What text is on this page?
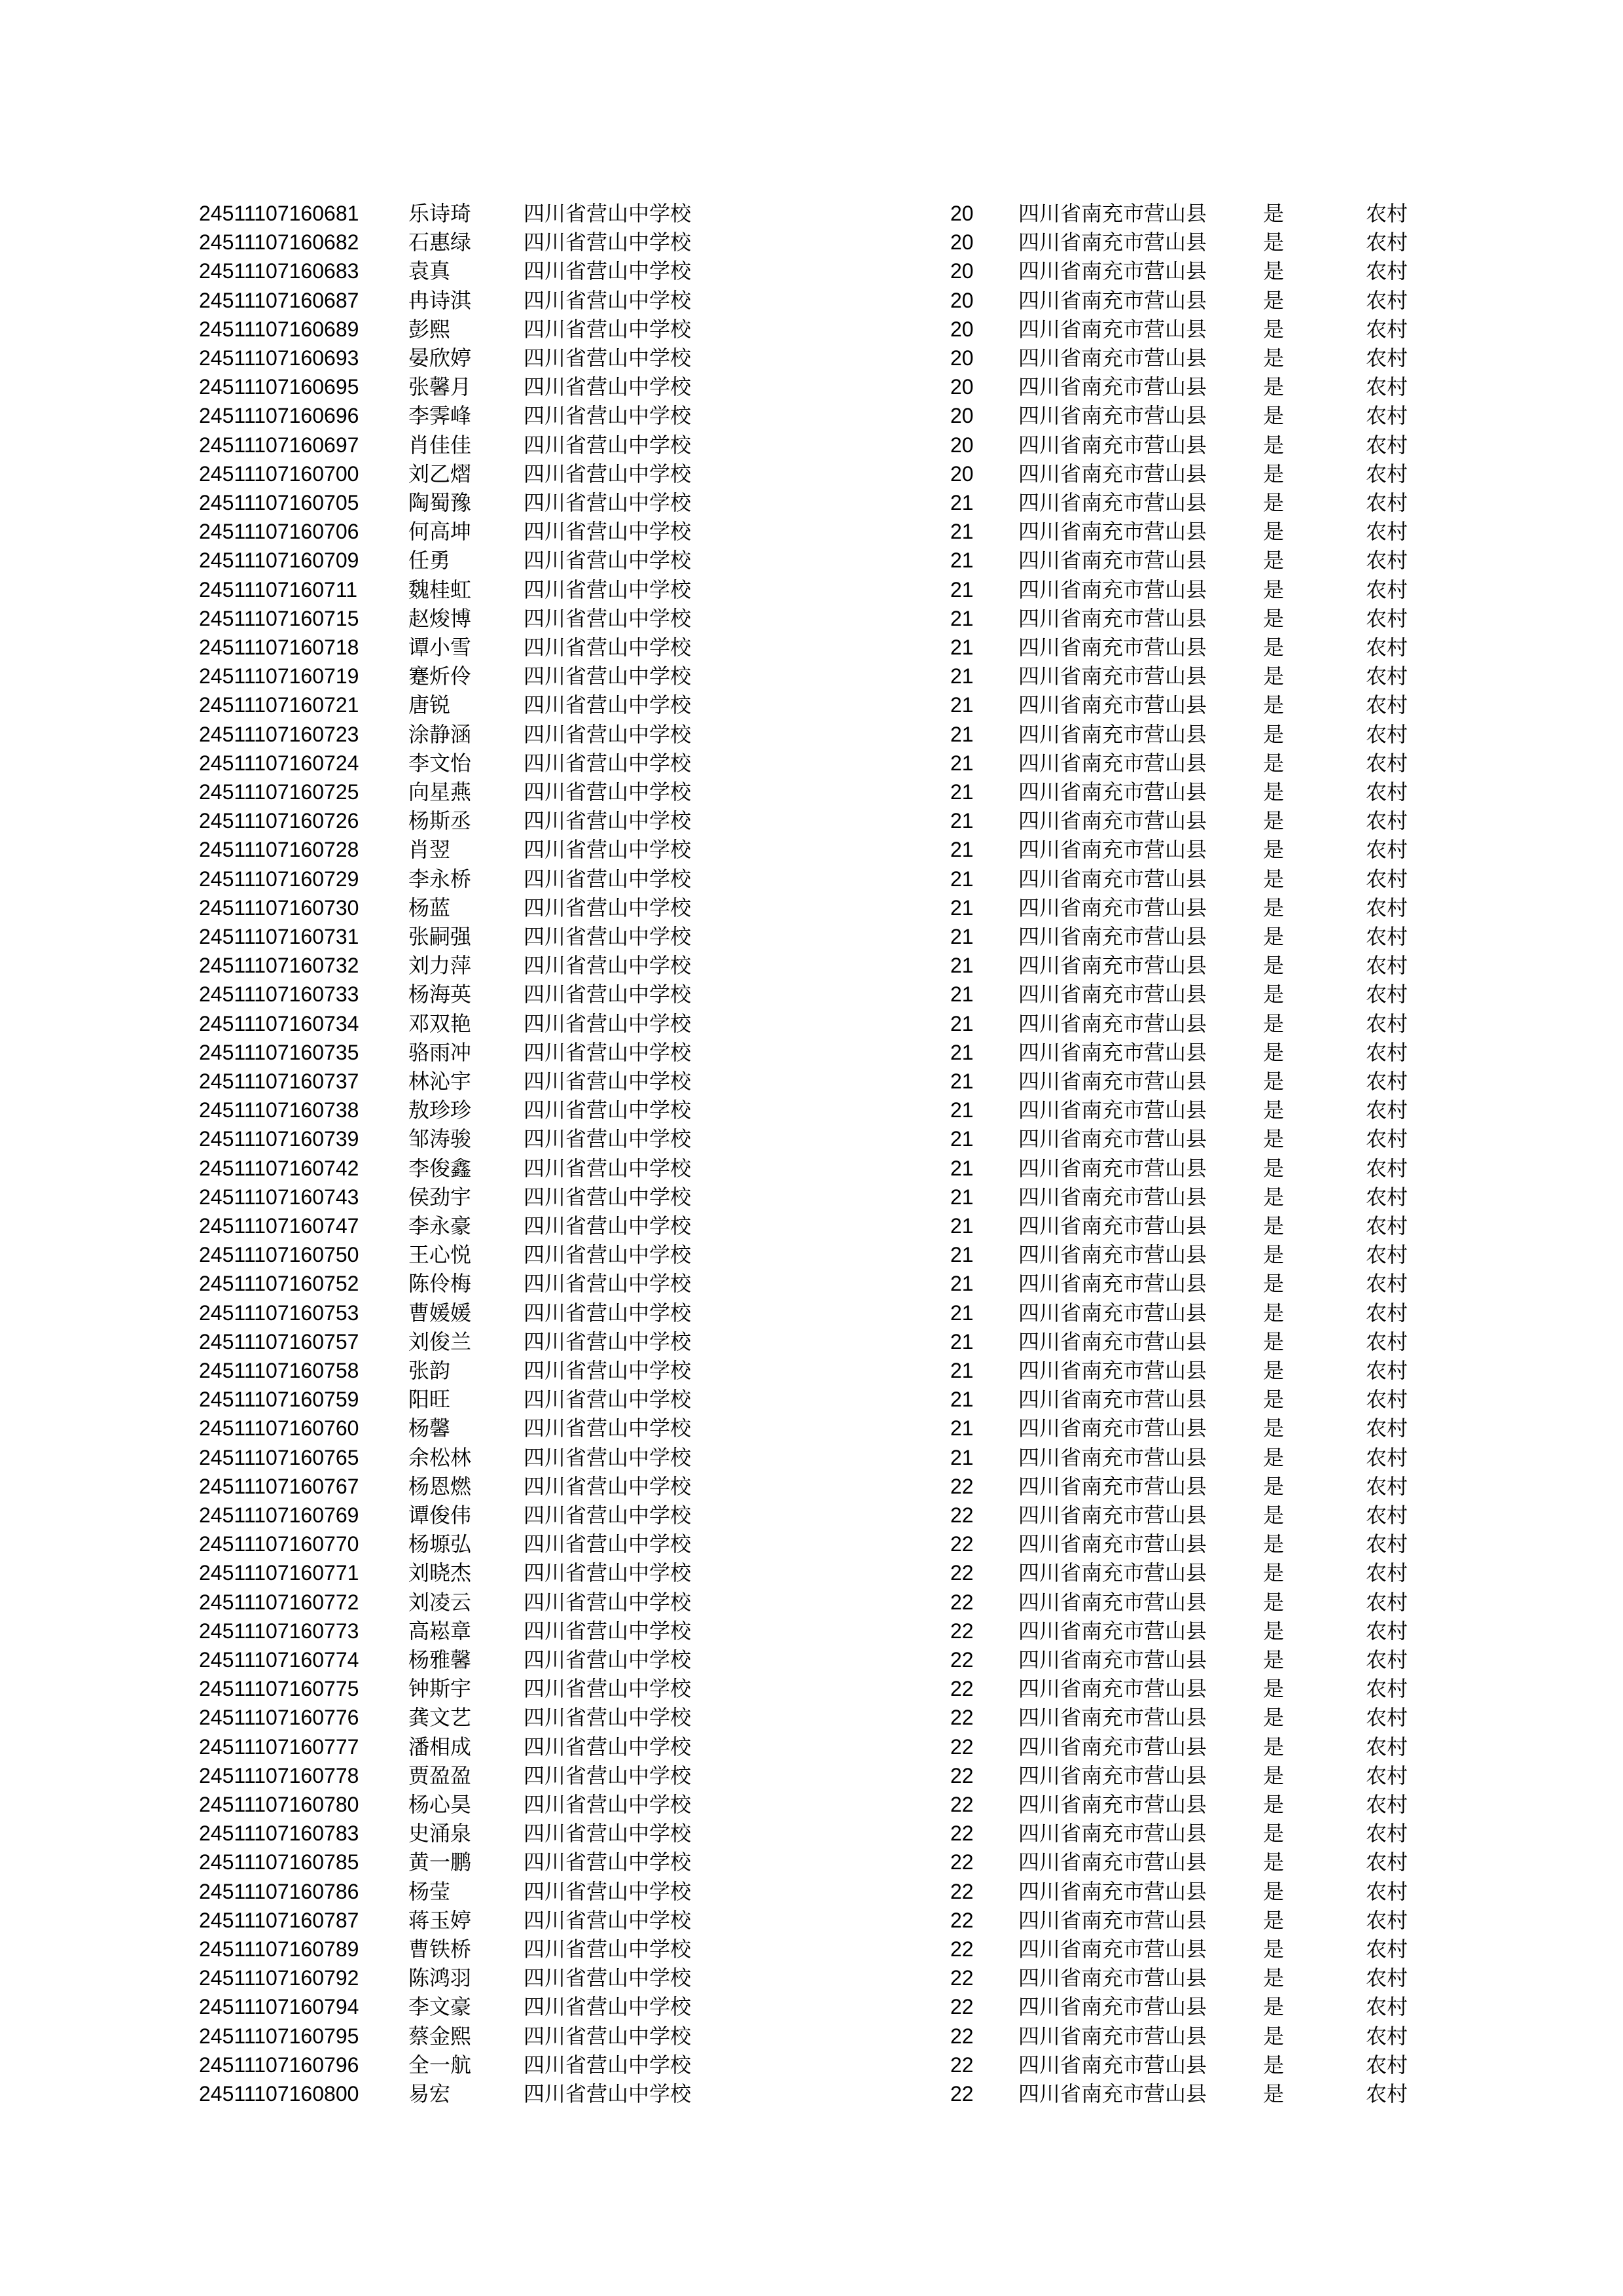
24511107160681 乐诗琦 四川省营山中学校	20 四川省南充市营山县	是	农村
24511107160682 石惠绿 四川省营山中学校	20 四川省南充市营山县	是	农村
24511107160683 袁真	四川省营山中学校	20 四川省南充市营山县	是	农村
24511107160687 冉诗淇 四川省营山中学校	20 四川省南充市营山县	是	农村
24511107160689 彭熙	四川省营山中学校	20 四川省南充市营山县	是	农村
24511107160693 晏欣婷 四川省营山中学校	20 四川省南充市营山县	是	农村
24511107160695 张馨月 四川省营山中学校	20 四川省南充市营山县	是	农村
24511107160696 李霁峰 四川省营山中学校	20 四川省南充市营山县	是	农村
24511107160697 肖佳佳 四川省营山中学校	20 四川省南充市营山县	是	农村
24511107160700 刘乙熠 四川省营山中学校	20 四川省南充市营山县	是	农村
24511107160705 陶蜀豫 四川省营山中学校	21 四川省南充市营山县	是	农村
24511107160706 何高坤 四川省营山中学校	21 四川省南充市营山县	是	农村
24511107160709 任勇	四川省营山中学校	21 四川省南充市营山县	是	农村
24511107160711 魏桂虹 四川省营山中学校	21 四川省南充市营山县	是	农村
24511107160715 赵焌博 四川省营山中学校	21 四川省南充市营山县	是	农村
24511107160718 谭小雪 四川省营山中学校	21 四川省南充市营山县	是	农村
24511107160719 蹇炘伶 四川省营山中学校	21 四川省南充市营山县	是	农村
24511107160721 唐锐	四川省营山中学校	21 四川省南充市营山县	是	农村
24511107160723 涂静涵 四川省营山中学校	21 四川省南充市营山县	是	农村
24511107160724 李文怡 四川省营山中学校	21 四川省南充市营山县	是	农村
24511107160725 向星燕 四川省营山中学校	21 四川省南充市营山县	是	农村
24511107160726 杨斯丞 四川省营山中学校	21 四川省南充市营山县	是	农村
24511107160728 肖翌	四川省营山中学校	21 四川省南充市营山县	是	农村
24511107160729 李永桥 四川省营山中学校	21 四川省南充市营山县	是	农村
24511107160730 杨蓝	四川省营山中学校	21 四川省南充市营山县	是	农村
24511107160731 张嗣强 四川省营山中学校	21 四川省南充市营山县	是	农村
24511107160732 刘力萍 四川省营山中学校	21 四川省南充市营山县	是	农村
24511107160733 杨海英 四川省营山中学校	21 四川省南充市营山县	是	农村
24511107160734 邓双艳 四川省营山中学校	21 四川省南充市营山县	是	农村
24511107160735 骆雨冲 四川省营山中学校	21 四川省南充市营山县	是	农村
24511107160737 林沁宇 四川省营山中学校	21 四川省南充市营山县	是	农村
24511107160738 敖珍珍 四川省营山中学校	21 四川省南充市营山县	是	农村
24511107160739 邹涛骏 四川省营山中学校	21 四川省南充市营山县	是	农村
24511107160742 李俊鑫 四川省营山中学校	21 四川省南充市营山县	是	农村
24511107160743 侯劲宇 四川省营山中学校	21 四川省南充市营山县	是	农村
24511107160747 李永豪 四川省营山中学校	21 四川省南充市营山县	是	农村
24511107160750 王心悦 四川省营山中学校	21 四川省南充市营山县	是	农村
24511107160752 陈伶梅 四川省营山中学校	21 四川省南充市营山县	是	农村
24511107160753 曹媛媛 四川省营山中学校	21 四川省南充市营山县	是	农村
24511107160757 刘俊兰 四川省营山中学校	21 四川省南充市营山县	是	农村
24511107160758 张韵	四川省营山中学校	21 四川省南充市营山县	是	农村
24511107160759 阳旺	四川省营山中学校	21 四川省南充市营山县	是	农村
24511107160760 杨馨	四川省营山中学校	21 四川省南充市营山县	是	农村
24511107160765 余松林 四川省营山中学校	21 四川省南充市营山县	是	农村
24511107160767 杨恩燃 四川省营山中学校	22 四川省南充市营山县	是	农村
24511107160769 谭俊伟 四川省营山中学校	22 四川省南充市营山县	是	农村
24511107160770 杨塬弘 四川省营山中学校	22 四川省南充市营山县	是	农村
24511107160771 刘晓杰 四川省营山中学校	22 四川省南充市营山县	是	农村
24511107160772 刘凌云 四川省营山中学校	22 四川省南充市营山县	是	农村
24511107160773 高崧章 四川省营山中学校	22 四川省南充市营山县	是	农村
24511107160774 杨雅馨 四川省营山中学校	22 四川省南充市营山县	是	农村
24511107160775 钟斯宇 四川省营山中学校	22 四川省南充市营山县	是	农村
24511107160776 龚文艺 四川省营山中学校	22 四川省南充市营山县	是	农村
24511107160777 潘相成 四川省营山中学校	22 四川省南充市营山县	是	农村
24511107160778 贾盈盈 四川省营山中学校	22 四川省南充市营山县	是	农村
24511107160780 杨心昊 四川省营山中学校	22 四川省南充市营山县	是	农村
24511107160783 史涌泉 四川省营山中学校	22 四川省南充市营山县	是	农村
24511107160785 黄一鹏 四川省营山中学校	22 四川省南充市营山县	是	农村
24511107160786 杨莹	四川省营山中学校	22 四川省南充市营山县	是	农村
24511107160787 蒋玉婷 四川省营山中学校	22 四川省南充市营山县	是	农村
24511107160789 曹铁桥 四川省营山中学校	22 四川省南充市营山县	是	农村
24511107160792 陈鸿羽 四川省营山中学校	22 四川省南充市营山县	是	农村
24511107160794 李文豪 四川省营山中学校	22 四川省南充市营山县	是	农村
24511107160795 蔡金熙 四川省营山中学校	22 四川省南充市营山县	是	农村
24511107160796 全一航 四川省营山中学校	22 四川省南充市营山县	是	农村
24511107160800 易宏	四川省营山中学校	22 四川省南充市营山县	是	农村
